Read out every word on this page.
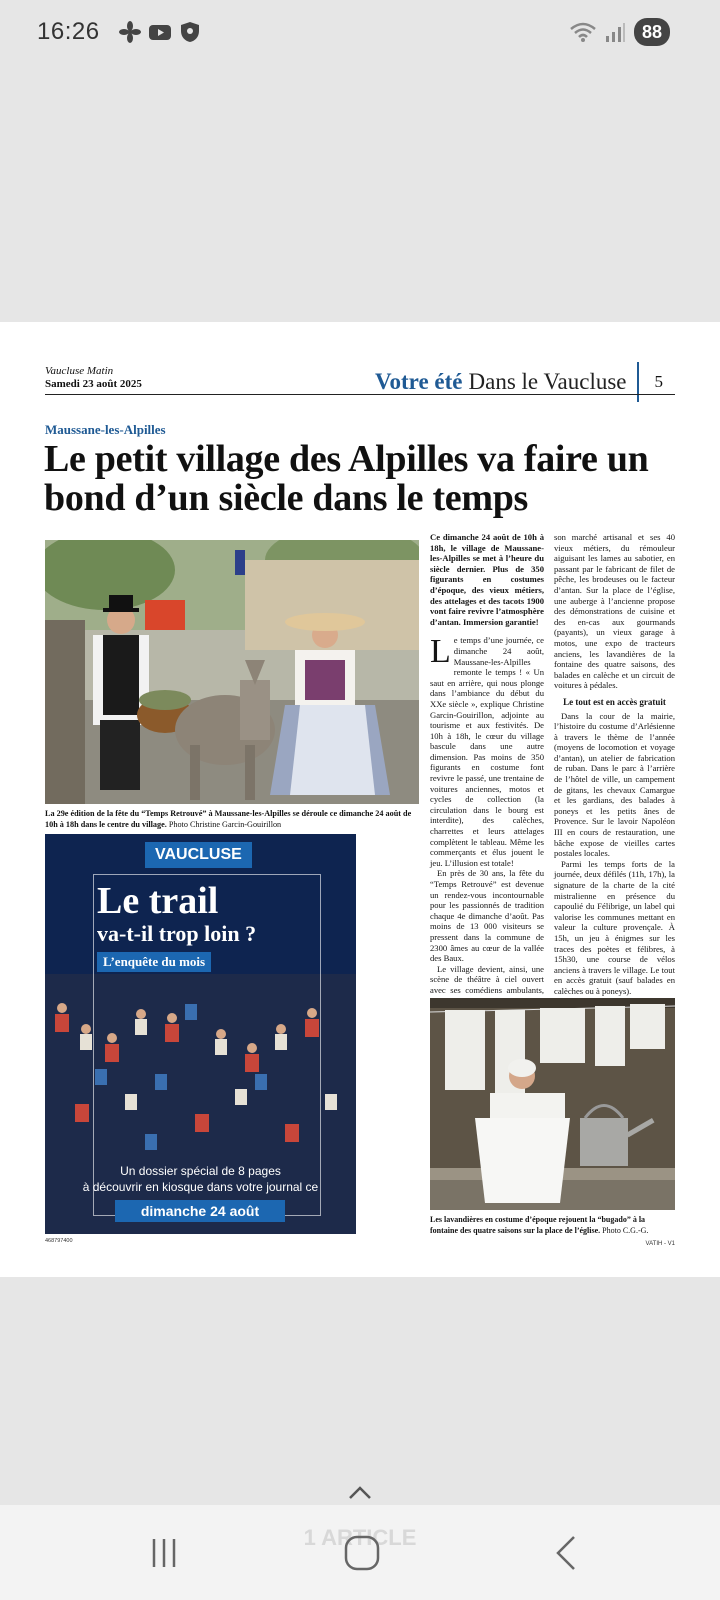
16:26	88
Vaucluse Matin
Samedi 23 août 2025	Votre été Dans le Vaucluse 5
Maussane-les-Alpilles
Le petit village des Alpilles va faire un bond d’un siècle dans le temps
La 29e édition de la fête du “Temps Retrouvé” à Maussane-les-Alpilles se déroule ce dimanche 24 août de 10h à 18h dans le centre du village. Photo Christine Garcin-Gouirillon
VAUCLUSE
Le trail
va-t-il trop loin ?
L’enquête du mois
Un dossier spécial de 8 pages
à découvrir en kiosque dans votre journal ce
dimanche 24 août
468797400

Ce dimanche 24 août de 10h à 18h, le village de Maussane-les-Alpilles se met à l’heure du siècle dernier. Plus de 350 figurants en costumes d’époque, des vieux métiers, des attelages et des tacots 1900 vont faire revivre l’atmosphère d’antan. Immersion garantie!

Le temps d’une journée, ce dimanche 24 août, Maussane-les-Alpilles remonte le temps ! « Un saut en arrière, qui nous plonge dans l’ambiance du début du XXe siècle », explique Christine Garcin-Gouirillon, adjointe au tourisme et aux festivités. De 10h à 18h, le cœur du village bascule dans une autre dimension. Pas moins de 350 figurants en costume font revivre le passé, une trentaine de voitures anciennes, motos et cycles de collection (la circulation dans le bourg est interdite), des calèches, charrettes et leurs attelages complètent le tableau. Même les commerçants et élus jouent le jeu. L’illusion est totale!

En près de 30 ans, la fête du “Temps Retrouvé” est devenue un rendez-vous incontournable pour les passionnés de tradition chaque 4e dimanche d’août. Pas moins de 13 000 visiteurs se pressent dans la commune de 2300 âmes au cœur de la vallée des Baux.

Le village devient, ainsi, une scène de théâtre à ciel ouvert avec ses comédiens ambulants,

son marché artisanal et ses 40 vieux métiers, du rémouleur aiguisant les lames au sabotier, en passant par le fabricant de filet de pêche, les brodeuses ou le facteur d’antan. Sur la place de l’église, une auberge à l’ancienne propose des démonstrations de cuisine et des en-cas aux gourmands (payants), un vieux garage à motos, une expo de tracteurs anciens, les lavandières de la fontaine des quatre saisons, des balades en calèche et un circuit de voitures à pédales.

Le tout est en accès gratuit

Dans la cour de la mairie, l’histoire du costume d’Arlésienne à travers le thème de l’année (moyens de locomotion et voyage d’antan), un atelier de fabrication de ruban. Dans le parc à l’arrière de l’hôtel de ville, un campement de gitans, les chevaux Camargue et les gardians, des balades à poneys et les petits ânes de Provence. Sur le lavoir Napoléon III en cours de restauration, une bâche expose de vieilles cartes postales locales.

Parmi les temps forts de la journée, deux défilés (11h, 17h), la signature de la charte de la cité mistralienne en présence du capoulié du Félibrige, un label qui valorise les communes mettant en valeur la culture provençale. À 15h, un jeu à énigmes sur les traces des poètes et félibres, à 15h30, une course de vélos anciens à travers le village. Le tout en accès gratuit (sauf balades en calèches ou à poneys).

Les lavandières en costume d’époque rejouent la “bugado” à la fontaine des quatre saisons sur la place de l’église. Photo C.G.-G.
VATIH - V1
1 ARTICLE
